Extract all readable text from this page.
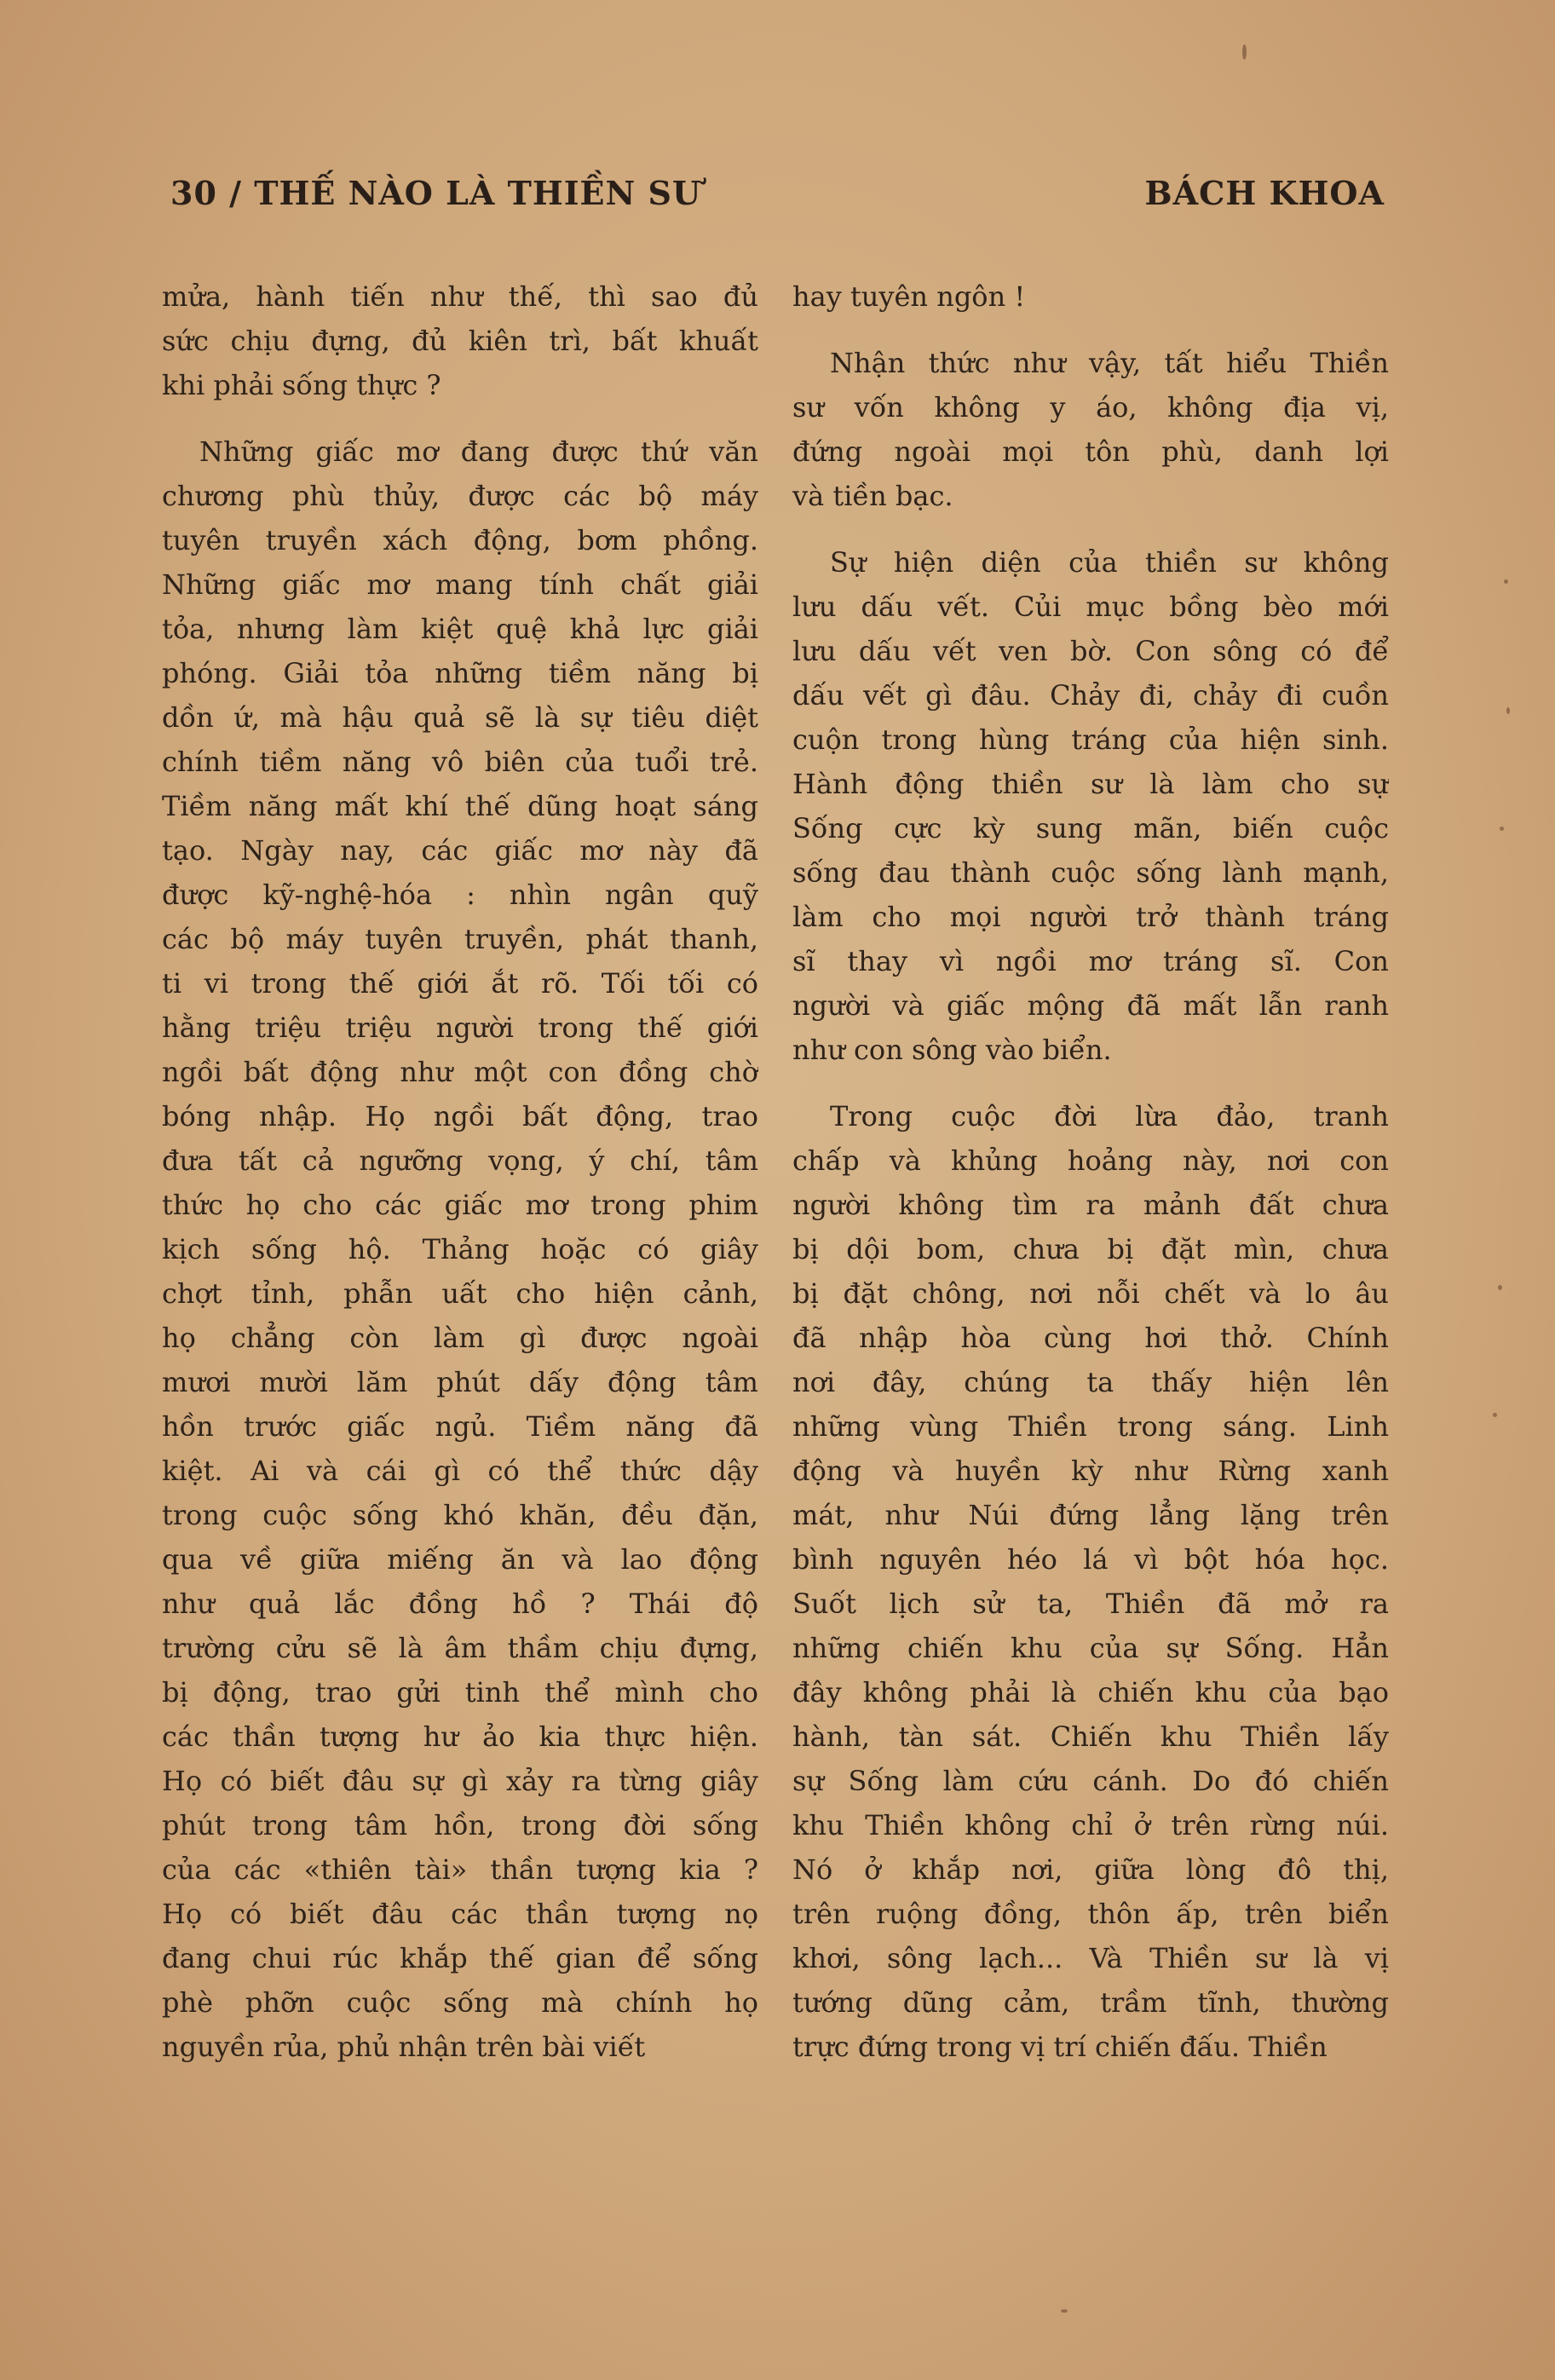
30 / THẾ NÀO LÀ THIỀN SƯ	BÁCH KHOA
mửa, hành tiến như thế, thì sao đủ
sức chịu đựng, đủ kiên trì, bất khuất
khi phải sống thực ?
Những giấc mơ đang được thứ văn
chương phù thủy, được các bộ máy
tuyên truyền xách động, bơm phồng.
Những giấc mơ mang tính chất giải
tỏa, nhưng làm kiệt quệ khả lực giải
phóng. Giải tỏa những tiềm năng bị
dồn ứ, mà hậu quả sẽ là sự tiêu diệt
chính tiềm năng vô biên của tuổi trẻ.
Tiềm năng mất khí thế dũng hoạt sáng
tạo. Ngày nay, các giấc mơ này đã
được kỹ-nghệ-hóa : nhìn ngân quỹ
các bộ máy tuyên truyền, phát thanh,
ti vi trong thế giới ắt rõ. Tối tối có
hằng triệu triệu người trong thế giới
ngồi bất động như một con đồng chờ
bóng nhập. Họ ngồi bất động, trao
đưa tất cả ngưỡng vọng, ý chí, tâm
thức họ cho các giấc mơ trong phim
kịch sống hộ. Thảng hoặc có giây
chợt tỉnh, phẫn uất cho hiện cảnh,
họ chẳng còn làm gì được ngoài
mươi mười lăm phút dấy động tâm
hồn trước giấc ngủ. Tiềm năng đã
kiệt. Ai và cái gì có thể thức dậy
trong cuộc sống khó khăn, đều đặn,
qua về giữa miếng ăn và lao động
như quả lắc đồng hồ ? Thái độ
trường cửu sẽ là âm thầm chịu đựng,
bị động, trao gửi tinh thể mình cho
các thần tượng hư ảo kia thực hiện.
Họ có biết đâu sự gì xảy ra từng giây
phút trong tâm hồn, trong đời sống
của các «thiên tài» thần tượng kia ?
Họ có biết đâu các thần tượng nọ
đang chui rúc khắp thế gian để sống
phè phỡn cuộc sống mà chính họ
nguyền rủa, phủ nhận trên bài viết
hay tuyên ngôn !
Nhận thức như vậy, tất hiểu Thiền
sư vốn không y áo, không địa vị,
đứng ngoài mọi tôn phù, danh lợi
và tiền bạc.
Sự hiện diện của thiền sư không
lưu dấu vết. Củi mục bồng bèo mới
lưu dấu vết ven bờ. Con sông có để
dấu vết gì đâu. Chảy đi, chảy đi cuồn
cuộn trong hùng tráng của hiện sinh.
Hành động thiền sư là làm cho sự
Sống cực kỳ sung mãn, biến cuộc
sống đau thành cuộc sống lành mạnh,
làm cho mọi người trở thành tráng
sĩ thay vì ngồi mơ tráng sĩ. Con
người và giấc mộng đã mất lẫn ranh
như con sông vào biển.
Trong cuộc đời lừa đảo, tranh
chấp và khủng hoảng này, nơi con
người không tìm ra mảnh đất chưa
bị dội bom, chưa bị đặt mìn, chưa
bị đặt chông, nơi nỗi chết và lo âu
đã nhập hòa cùng hơi thở. Chính
nơi đây, chúng ta thấy hiện lên
những vùng Thiền trong sáng. Linh
động và huyền kỳ như Rừng xanh
mát, như Núi đứng lẳng lặng trên
bình nguyên héo lá vì bột hóa học.
Suốt lịch sử ta, Thiền đã mở ra
những chiến khu của sự Sống. Hẳn
đây không phải là chiến khu của bạo
hành, tàn sát. Chiến khu Thiền lấy
sự Sống làm cứu cánh. Do đó chiến
khu Thiền không chỉ ở trên rừng núi.
Nó ở khắp nơi, giữa lòng đô thị,
trên ruộng đồng, thôn ấp, trên biển
khơi, sông lạch... Và Thiền sư là vị
tướng dũng cảm, trầm tĩnh, thường
trực đứng trong vị trí chiến đấu. Thiền
